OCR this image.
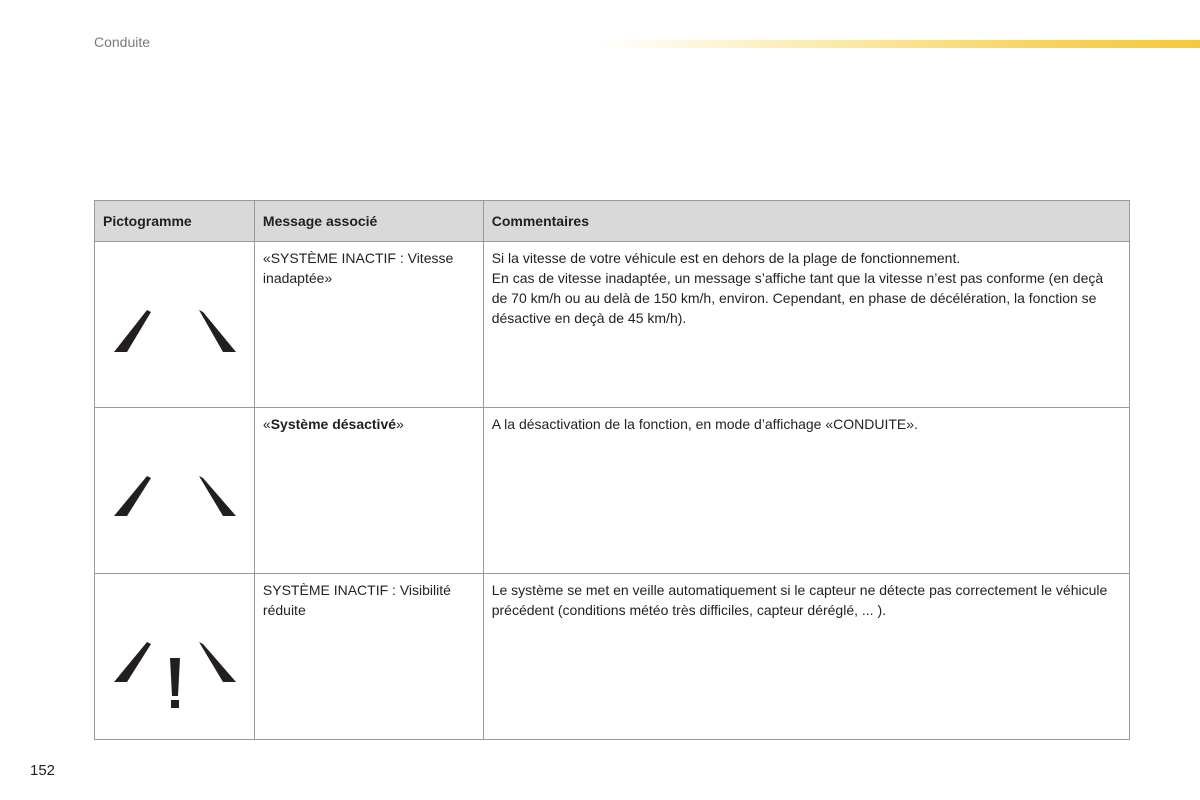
Conduite
Pictogramme	Message associé	Commentaires

	«SYSTÈME INACTIF : Vitesse inadaptée»	Si la vitesse de votre véhicule est en dehors de la plage de fonctionnement.
En cas de vitesse inadaptée, un message s’affiche tant que la vitesse n’est pas conforme (en deçà de 70 km/h ou au delà de 150 km/h, environ. Cependant, en phase de décélération, la fonction se désactive en deçà de 45 km/h).

	«Système désactivé»	A la désactivation de la fonction, en mode d’affichage «CONDUITE».

	SYSTÈME INACTIF : Visibilité réduite	Le système se met en veille automatiquement si le capteur ne détecte pas correctement le véhicule précédent (conditions météo très difficiles, capteur déréglé, ... ).
152
